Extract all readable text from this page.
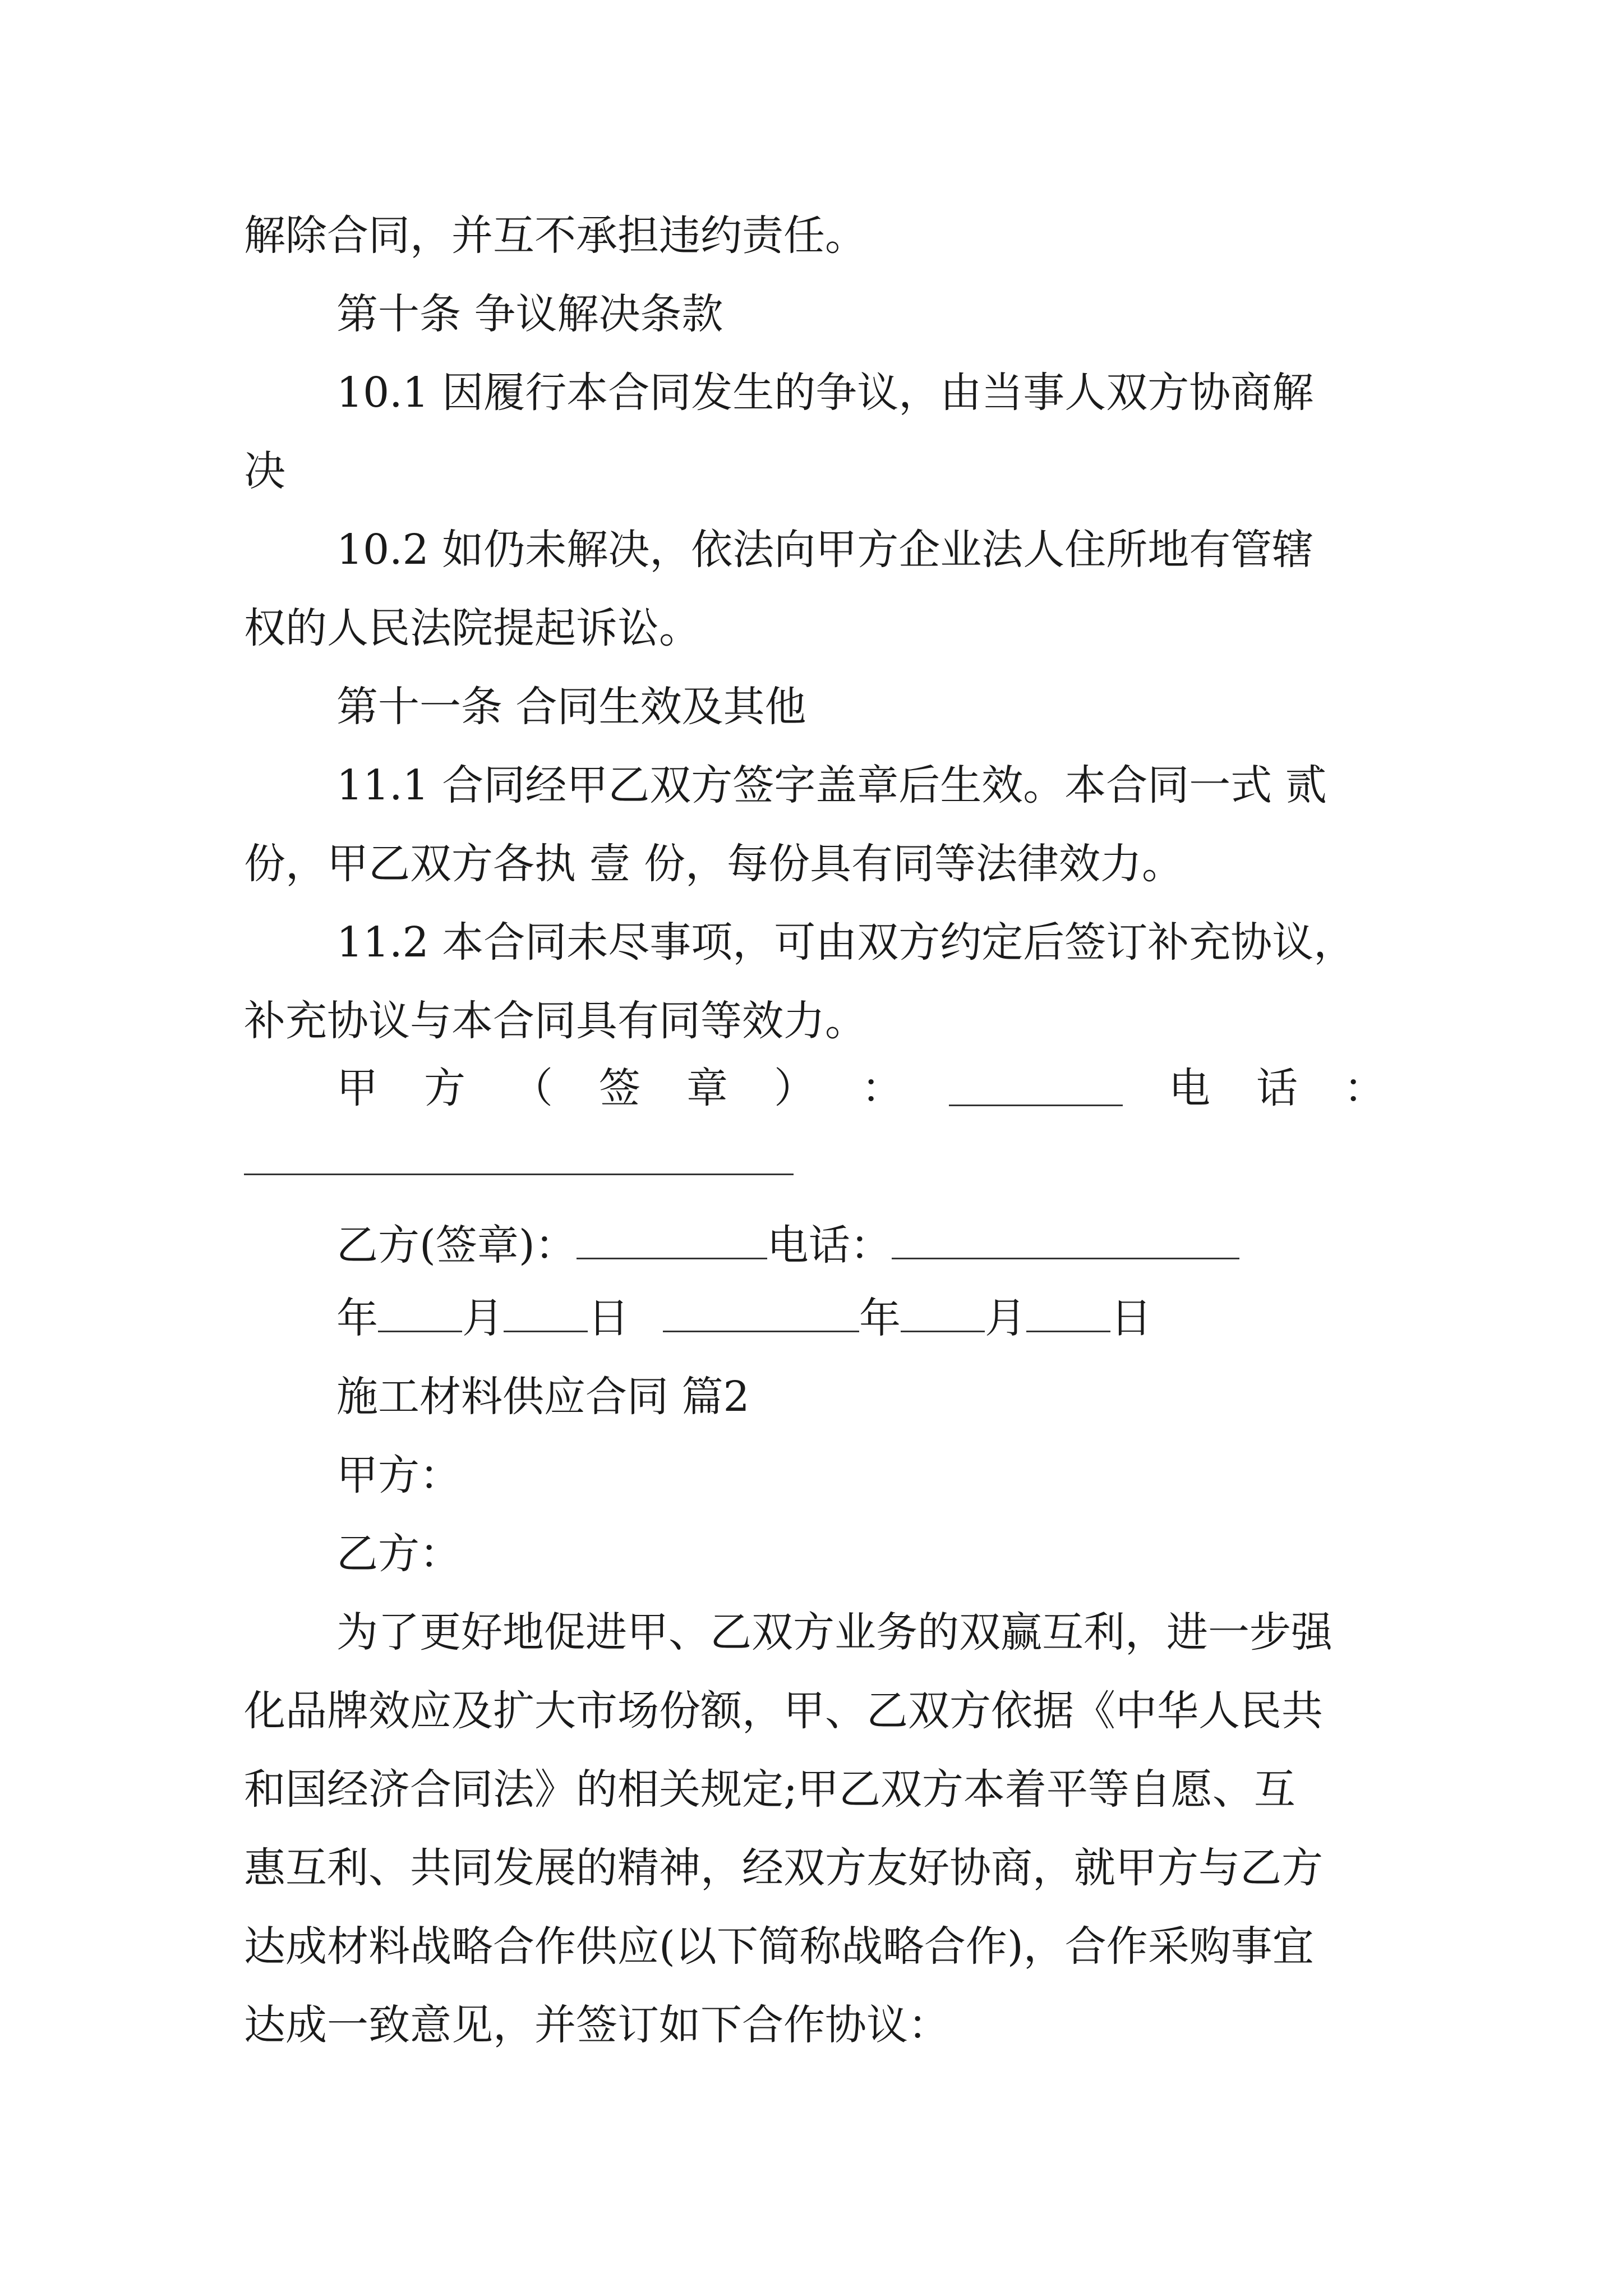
解除合同，并互不承担违约责任。
第十条 争议解决条款
10.1 因履行本合同发生的争议，由当事人双方协商解
决
10.2 如仍未解决，依法向甲方企业法人住所地有管辖
权的人民法院提起诉讼。
第十一条 合同生效及其他
11.1 合同经甲乙双方签字盖章后生效。本合同一式 贰
份，甲乙双方各执 壹 份，每份具有同等法律效力。
11.2 本合同未尽事项，可由双方约定后签订补充协议，
补充协议与本合同具有同等效力。
甲 方 （ 签 章 ） ：	电 话 ：
乙方(签章)：	电话：
年 月 日	年 月 日
施工材料供应合同 篇2
甲方：
乙方：
为了更好地促进甲、乙双方业务的双赢互利，进一步强
化品牌效应及扩大市场份额，甲、乙双方依据《中华人民共
和国经济合同法》的相关规定;甲乙双方本着平等自愿、互
惠互利、共同发展的精神，经双方友好协商，就甲方与乙方
达成材料战略合作供应(以下简称战略合作)，合作采购事宜
达成一致意见，并签订如下合作协议：
